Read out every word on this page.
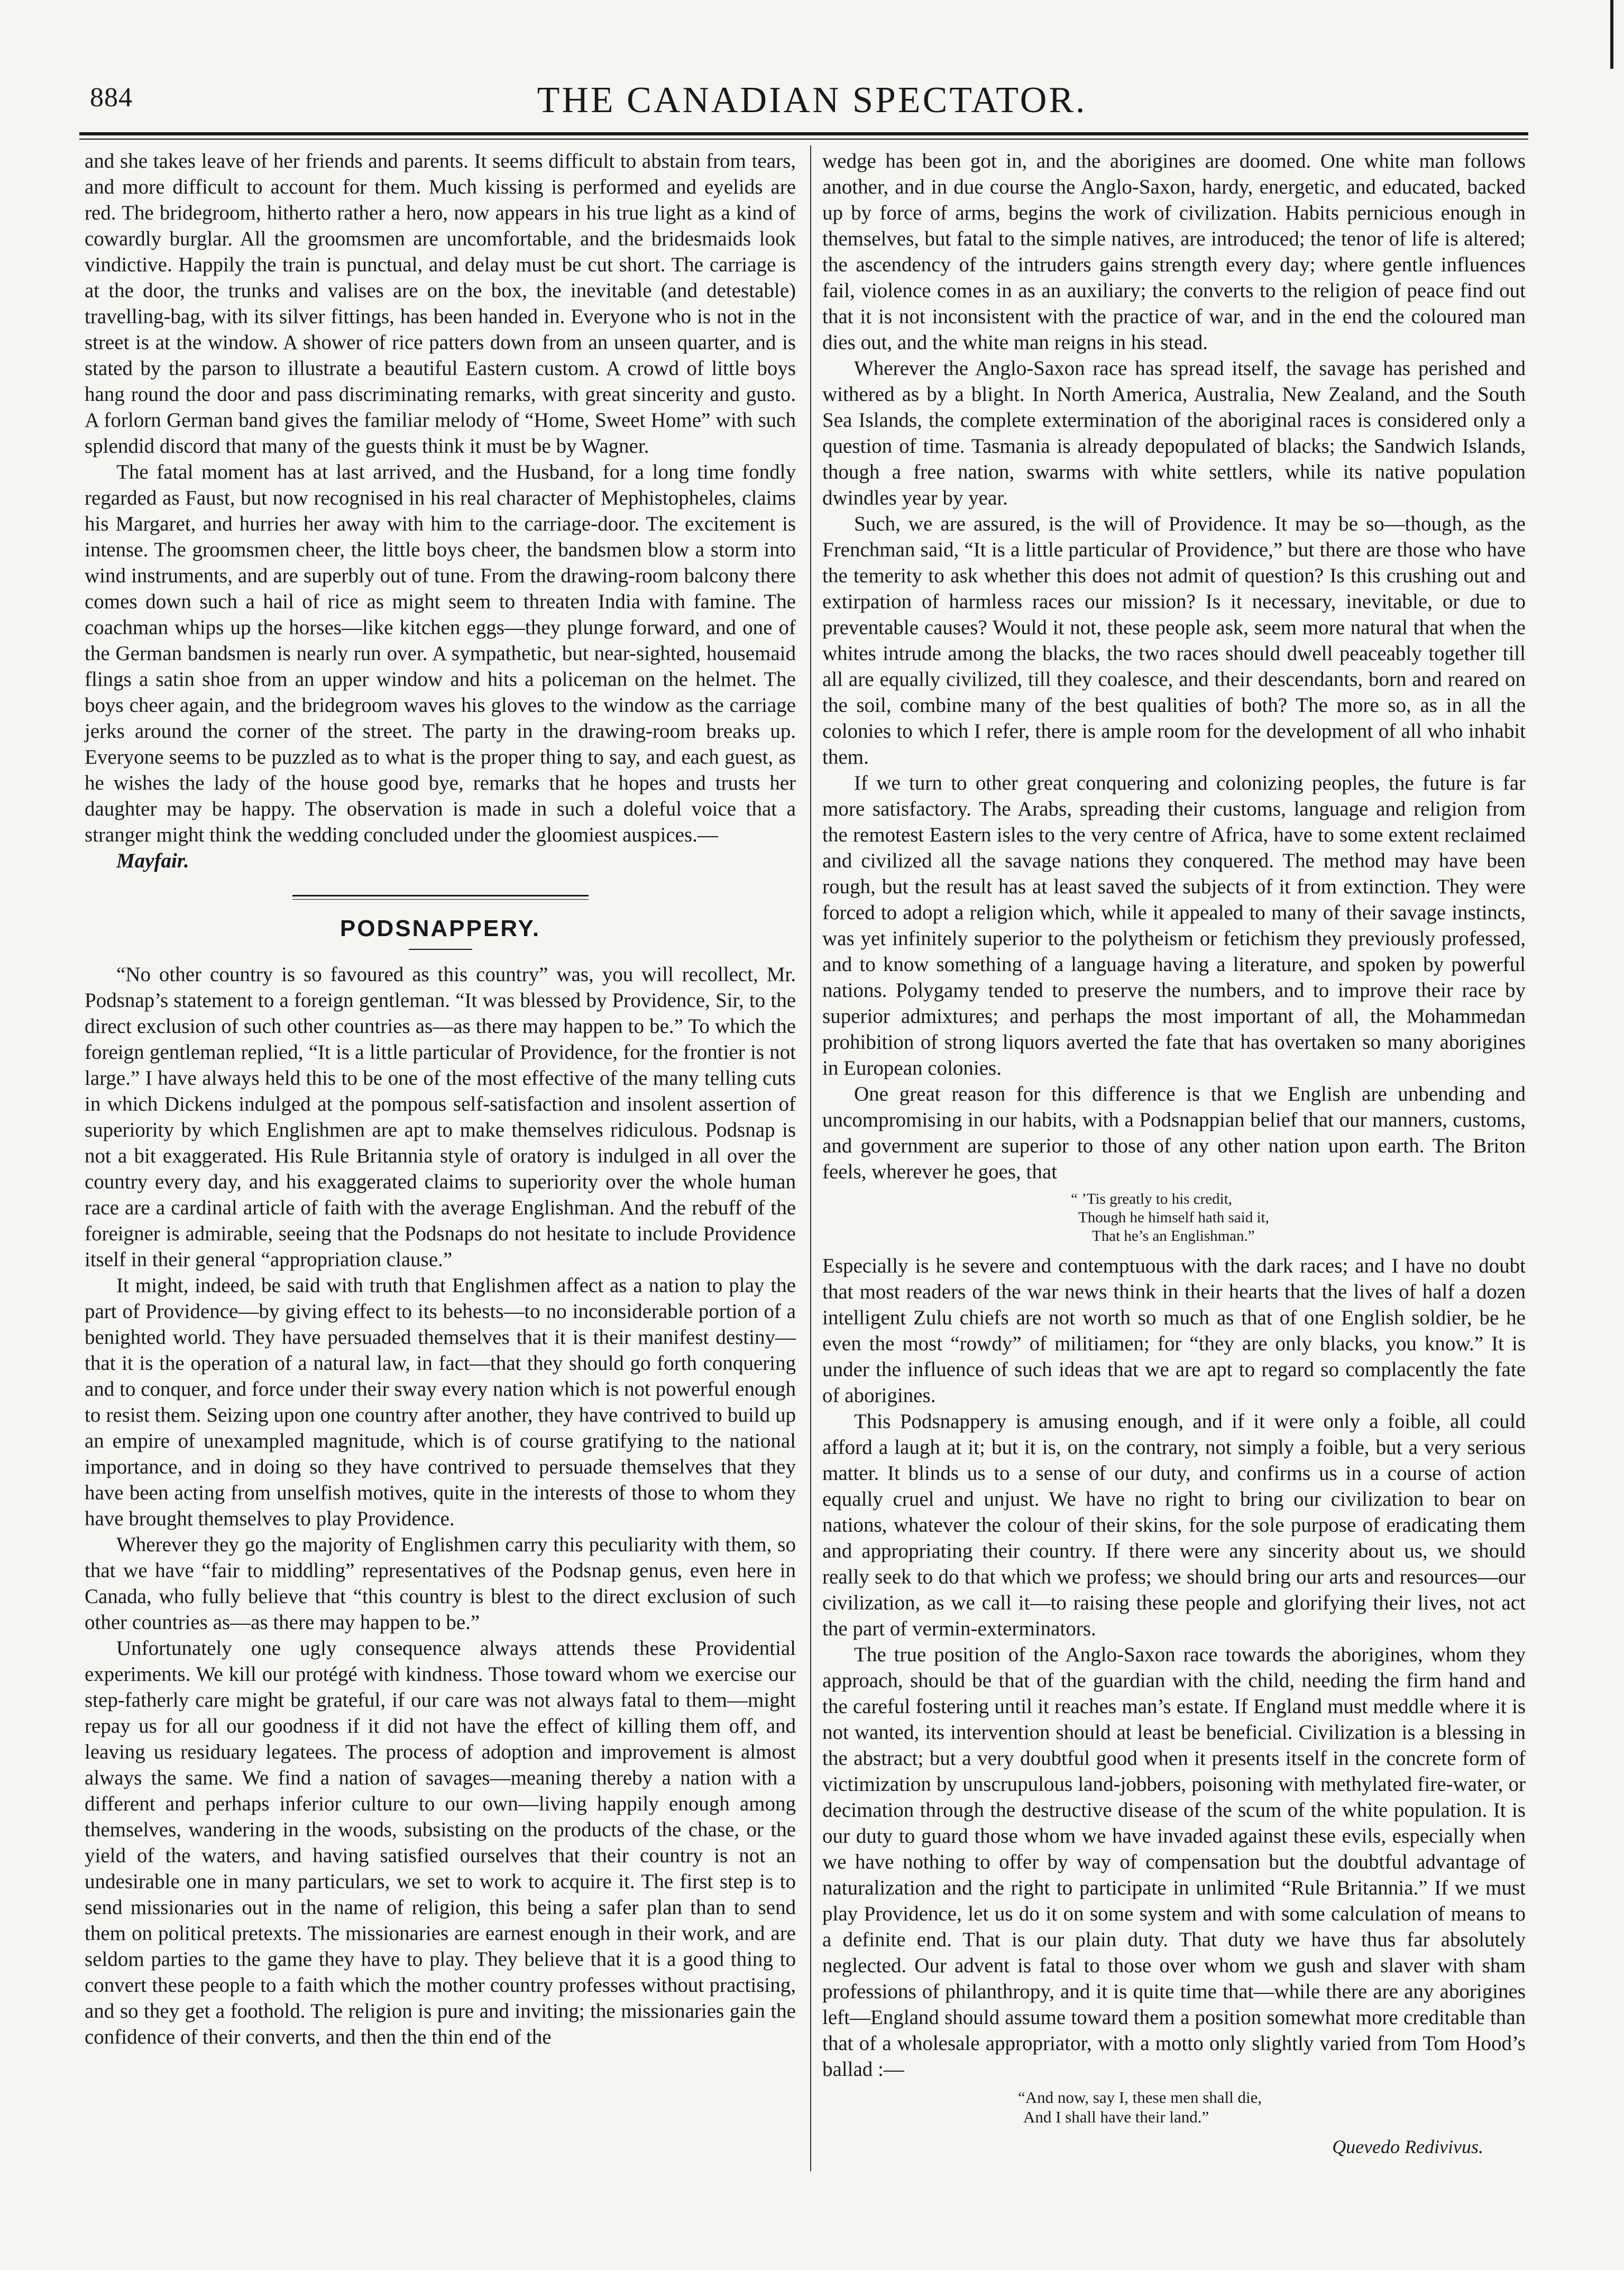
884	THE CANADIAN SPECTATOR.

and she takes leave of her friends and parents. It seems difficult to abstain from tears, and more difficult to account for them. Much kissing is performed and eyelids are red. The bridegroom, hitherto rather a hero, now appears in his true light as a kind of cowardly burglar. All the groomsmen are uncomfortable, and the bridesmaids look vindictive. Happily the train is punctual, and delay must be cut short. The carriage is at the door, the trunks and valises are on the box, the inevitable (and detestable) travelling-bag, with its silver fittings, has been handed in. Everyone who is not in the street is at the window. A shower of rice patters down from an unseen quarter, and is stated by the parson to illustrate a beautiful Eastern custom. A crowd of little boys hang round the door and pass discriminating remarks, with great sincerity and gusto. A forlorn German band gives the familiar melody of “Home, Sweet Home” with such splendid discord that many of the guests think it must be by Wagner.

The fatal moment has at last arrived, and the Husband, for a long time fondly regarded as Faust, but now recognised in his real character of Mephistopheles, claims his Margaret, and hurries her away with him to the carriage-door. The excitement is intense. The groomsmen cheer, the little boys cheer, the bandsmen blow a storm into wind instruments, and are superbly out of tune. From the drawing-room balcony there comes down such a hail of rice as might seem to threaten India with famine. The coachman whips up the horses—like kitchen eggs—they plunge forward, and one of the German bandsmen is nearly run over. A sympathetic, but near-sighted, housemaid flings a satin shoe from an upper window and hits a policeman on the helmet. The boys cheer again, and the bridegroom waves his gloves to the window as the carriage jerks around the corner of the street. The party in the drawing-room breaks up. Everyone seems to be puzzled as to what is the proper thing to say, and each guest, as he wishes the lady of the house good bye, remarks that he hopes and trusts her daughter may be happy. The observation is made in such a doleful voice that a stranger might think the wedding concluded under the gloomiest auspices.—

Mayfair.

PODSNAPPERY.

“No other country is so favoured as this country” was, you will recollect, Mr. Podsnap’s statement to a foreign gentleman. “It was blessed by Providence, Sir, to the direct exclusion of such other countries as—as there may happen to be.” To which the foreign gentleman replied, “It is a little particular of Providence, for the frontier is not large.” I have always held this to be one of the most effective of the many telling cuts in which Dickens indulged at the pompous self-satisfaction and insolent assertion of superiority by which Englishmen are apt to make themselves ridiculous. Podsnap is not a bit exaggerated. His Rule Britannia style of oratory is indulged in all over the country every day, and his exaggerated claims to superiority over the whole human race are a cardinal article of faith with the average Englishman. And the rebuff of the foreigner is admirable, seeing that the Podsnaps do not hesitate to include Providence itself in their general “appropriation clause.”

It might, indeed, be said with truth that Englishmen affect as a nation to play the part of Providence—by giving effect to its behests—to no inconsiderable portion of a benighted world. They have persuaded themselves that it is their manifest destiny—that it is the operation of a natural law, in fact—that they should go forth conquering and to conquer, and force under their sway every nation which is not powerful enough to resist them. Seizing upon one country after another, they have contrived to build up an empire of unexampled magnitude, which is of course gratifying to the national importance, and in doing so they have contrived to persuade themselves that they have been acting from unselfish motives, quite in the interests of those to whom they have brought themselves to play Providence.

Wherever they go the majority of Englishmen carry this peculiarity with them, so that we have “fair to middling” representatives of the Podsnap genus, even here in Canada, who fully believe that “this country is blest to the direct exclusion of such other countries as—as there may happen to be.”

Unfortunately one ugly consequence always attends these Providential experiments. We kill our protégé with kindness. Those toward whom we exercise our step-fatherly care might be grateful, if our care was not always fatal to them—might repay us for all our goodness if it did not have the effect of killing them off, and leaving us residuary legatees. The process of adoption and improvement is almost always the same. We find a nation of savages—meaning thereby a nation with a different and perhaps inferior culture to our own—living happily enough among themselves, wandering in the woods, subsisting on the products of the chase, or the yield of the waters, and having satisfied ourselves that their country is not an undesirable one in many particulars, we set to work to acquire it. The first step is to send missionaries out in the name of religion, this being a safer plan than to send them on political pretexts. The missionaries are earnest enough in their work, and are seldom parties to the game they have to play. They believe that it is a good thing to convert these people to a faith which the mother country professes without practising, and so they get a foothold. The religion is pure and inviting; the missionaries gain the confidence of their converts, and then the thin end of the

wedge has been got in, and the aborigines are doomed. One white man follows another, and in due course the Anglo-Saxon, hardy, energetic, and educated, backed up by force of arms, begins the work of civilization. Habits pernicious enough in themselves, but fatal to the simple natives, are introduced; the tenor of life is altered; the ascendency of the intruders gains strength every day; where gentle influences fail, violence comes in as an auxiliary; the converts to the religion of peace find out that it is not inconsistent with the practice of war, and in the end the coloured man dies out, and the white man reigns in his stead.

Wherever the Anglo-Saxon race has spread itself, the savage has perished and withered as by a blight. In North America, Australia, New Zealand, and the South Sea Islands, the complete extermination of the aboriginal races is considered only a question of time. Tasmania is already depopulated of blacks; the Sandwich Islands, though a free nation, swarms with white settlers, while its native population dwindles year by year.

Such, we are assured, is the will of Providence. It may be so—though, as the Frenchman said, “It is a little particular of Providence,” but there are those who have the temerity to ask whether this does not admit of question? Is this crushing out and extirpation of harmless races our mission? Is it necessary, inevitable, or due to preventable causes? Would it not, these people ask, seem more natural that when the whites intrude among the blacks, the two races should dwell peaceably together till all are equally civilized, till they coalesce, and their descendants, born and reared on the soil, combine many of the best qualities of both? The more so, as in all the colonies to which I refer, there is ample room for the development of all who inhabit them.

If we turn to other great conquering and colonizing peoples, the future is far more satisfactory. The Arabs, spreading their customs, language and religion from the remotest Eastern isles to the very centre of Africa, have to some extent reclaimed and civilized all the savage nations they conquered. The method may have been rough, but the result has at least saved the subjects of it from extinction. They were forced to adopt a religion which, while it appealed to many of their savage instincts, was yet infinitely superior to the polytheism or fetichism they previously professed, and to know something of a language having a literature, and spoken by powerful nations. Polygamy tended to preserve the numbers, and to improve their race by superior admixtures; and perhaps the most important of all, the Mohammedan prohibition of strong liquors averted the fate that has overtaken so many aborigines in European colonies.

One great reason for this difference is that we English are unbending and uncompromising in our habits, with a Podsnappian belief that our manners, customs, and government are superior to those of any other nation upon earth. The Briton feels, wherever he goes, that

“ ’Tis greatly to his credit,
Though he himself hath said it,
That he’s an Englishman.”

Especially is he severe and contemptuous with the dark races; and I have no doubt that most readers of the war news think in their hearts that the lives of half a dozen intelligent Zulu chiefs are not worth so much as that of one English soldier, be he even the most “rowdy” of militiamen; for “they are only blacks, you know.” It is under the influence of such ideas that we are apt to regard so complacently the fate of aborigines.

This Podsnappery is amusing enough, and if it were only a foible, all could afford a laugh at it; but it is, on the contrary, not simply a foible, but a very serious matter. It blinds us to a sense of our duty, and confirms us in a course of action equally cruel and unjust. We have no right to bring our civilization to bear on nations, whatever the colour of their skins, for the sole purpose of eradicating them and appropriating their country. If there were any sincerity about us, we should really seek to do that which we profess; we should bring our arts and resources—our civilization, as we call it—to raising these people and glorifying their lives, not act the part of vermin-exterminators.

The true position of the Anglo-Saxon race towards the aborigines, whom they approach, should be that of the guardian with the child, needing the firm hand and the careful fostering until it reaches man’s estate. If England must meddle where it is not wanted, its intervention should at least be beneficial. Civilization is a blessing in the abstract; but a very doubtful good when it presents itself in the concrete form of victimization by unscrupulous land-jobbers, poisoning with methylated fire-water, or decimation through the destructive disease of the scum of the white population. It is our duty to guard those whom we have invaded against these evils, especially when we have nothing to offer by way of compensation but the doubtful advantage of naturalization and the right to participate in unlimited “Rule Britannia.” If we must play Providence, let us do it on some system and with some calculation of means to a definite end. That is our plain duty. That duty we have thus far absolutely neglected. Our advent is fatal to those over whom we gush and slaver with sham professions of philanthropy, and it is quite time that—while there are any aborigines left—England should assume toward them a position somewhat more creditable than that of a wholesale appropriator, with a motto only slightly varied from Tom Hood’s ballad :—

“And now, say I, these men shall die,
And I shall have their land.”
Quevedo Redivivus.
